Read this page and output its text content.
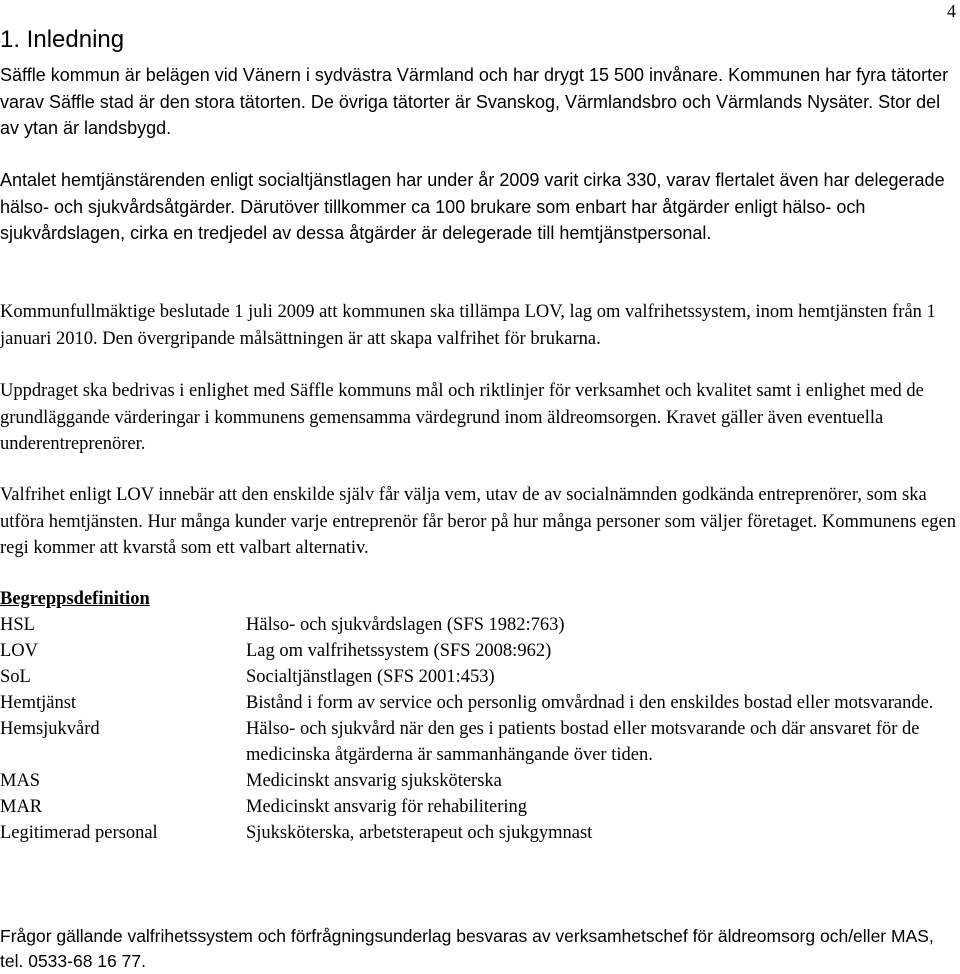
4
1. Inledning

Säffle kommun är belägen vid Vänern i sydvästra Värmland och har drygt 15 500 invånare. Kommunen har fyra tätorter varav Säffle stad är den stora tätorten. De övriga tätorter är Svanskog, Värmlandsbro och Värmlands Nysäter. Stor del av ytan är landsbygd.

Antalet hemtjänstärenden enligt socialtjänstlagen har under år 2009 varit cirka 330, varav flertalet även har delegerade hälso- och sjukvårdsåtgärder. Därutöver tillkommer ca 100 brukare som enbart har åtgärder enligt hälso- och sjukvårdslagen, cirka en tredjedel av dessa åtgärder är delegerade till hemtjänstpersonal.

Kommunfullmäktige beslutade 1 juli 2009 att kommunen ska tillämpa LOV, lag om valfrihetssystem, inom hemtjänsten från 1 januari 2010. Den övergripande målsättningen är att skapa valfrihet för brukarna.

Uppdraget ska bedrivas i enlighet med Säffle kommuns mål och riktlinjer för verksamhet och kvalitet samt i enlighet med de grundläggande värderingar i kommunens gemensamma värdegrund inom äldreomsorgen. Kravet gäller även eventuella underentreprenörer.

Valfrihet enligt LOV innebär att den enskilde själv får välja vem, utav de av socialnämnden godkända entreprenörer, som ska utföra hemtjänsten. Hur många kunder varje entreprenör får beror på hur många personer som väljer företaget. Kommunens egen regi kommer att kvarstå som ett valbart alternativ.

Begreppsdefinition
HSL	Hälso- och sjukvårdslagen (SFS 1982:763)
LOV	Lag om valfrihetssystem (SFS 2008:962)
SoL	Socialtjänstlagen (SFS 2001:453)
Hemtjänst	Bistånd i form av service och personlig omvårdnad i den enskildes bostad eller motsvarande.
Hemsjukvård	Hälso- och sjukvård när den ges i patients bostad eller motsvarande och där ansvaret för de medicinska åtgärderna är sammanhängande över tiden.
MAS	Medicinskt ansvarig sjuksköterska
MAR	Medicinskt ansvarig för rehabilitering
Legitimerad personal	Sjuksköterska, arbetsterapeut och sjukgymnast

Frågor gällande valfrihetssystem och förfrågningsunderlag besvaras av verksamhetschef för äldreomsorg och/eller MAS, tel. 0533-68 16 77.
